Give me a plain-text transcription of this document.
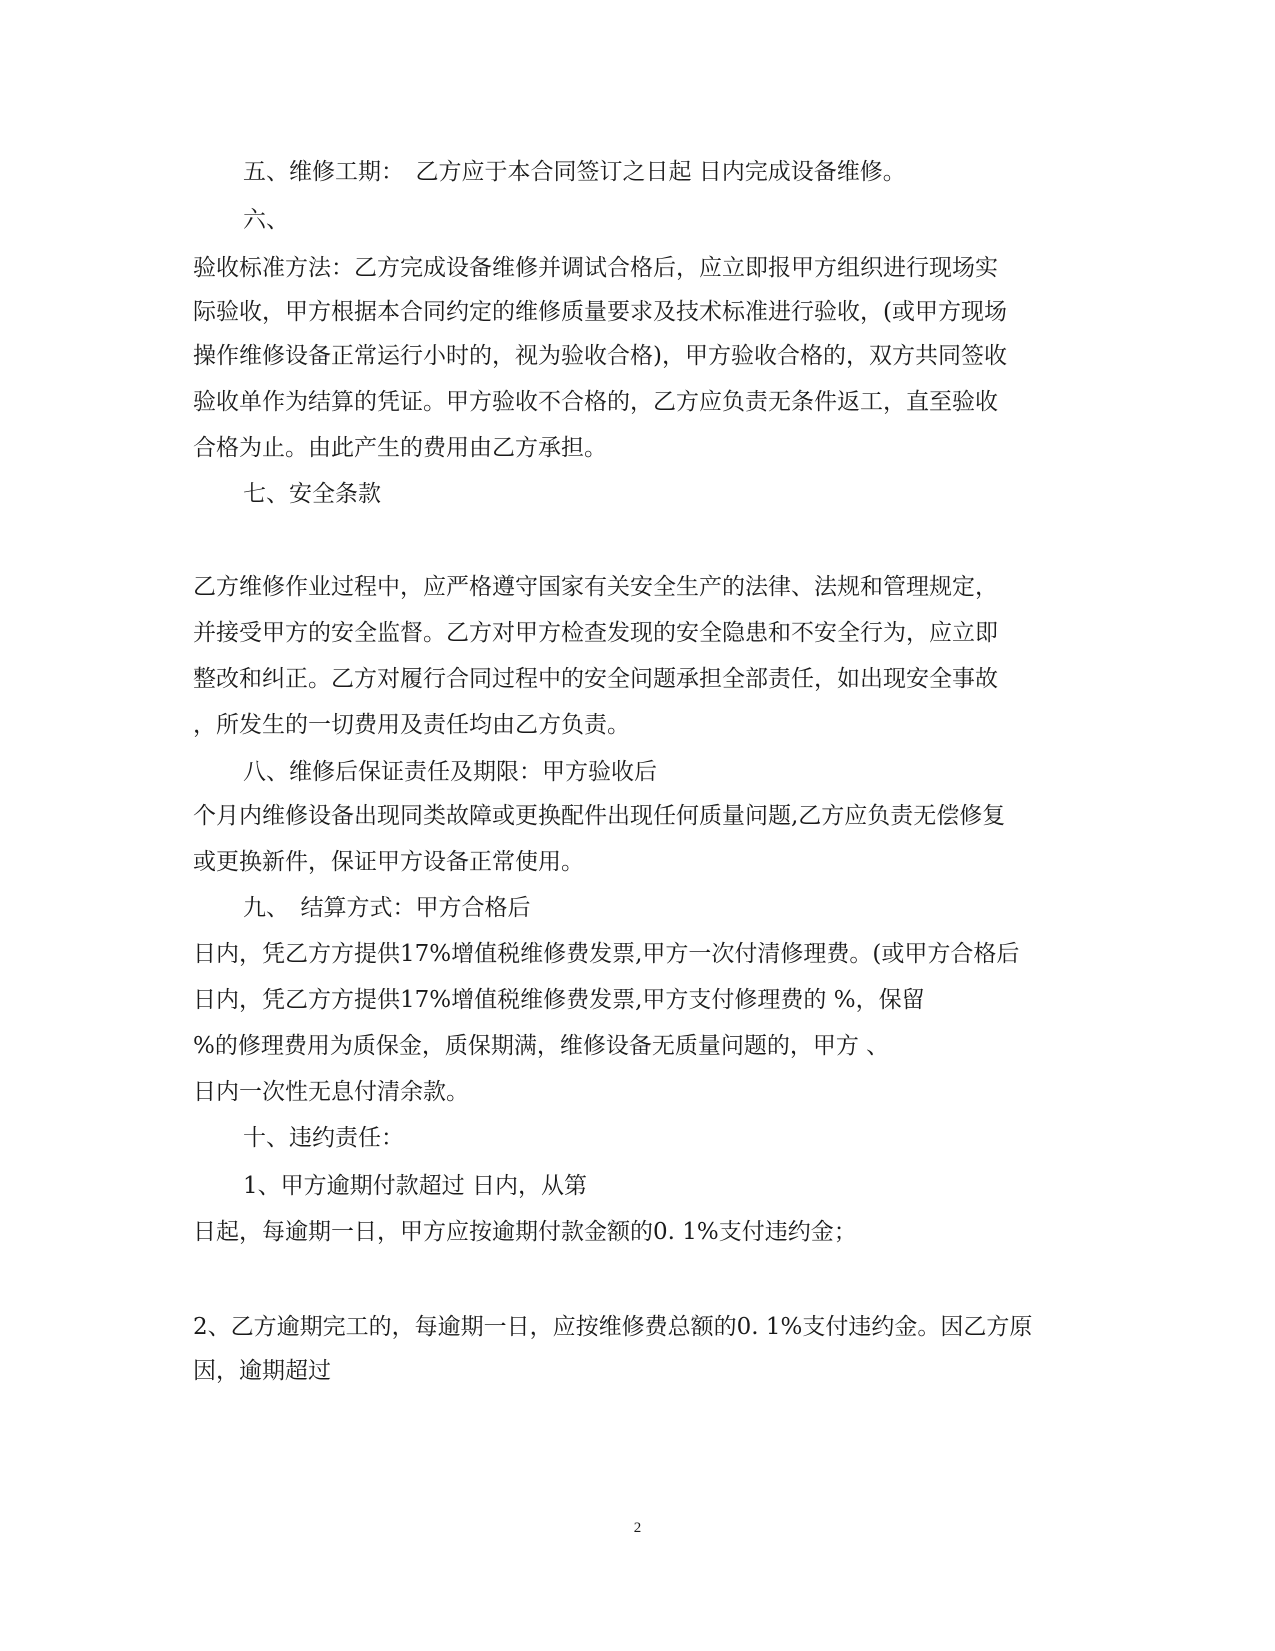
五、维修工期：　乙方应于本合同签订之日起 日内完成设备维修。
六、
验收标准方法：乙方完成设备维修并调试合格后，应立即报甲方组织进行现场实
际验收，甲方根据本合同约定的维修质量要求及技术标准进行验收，(或甲方现场
操作维修设备正常运行小时的，视为验收合格)，甲方验收合格的，双方共同签收
验收单作为结算的凭证。甲方验收不合格的，乙方应负责无条件返工，直至验收
合格为止。由此产生的费用由乙方承担。
七、安全条款
乙方维修作业过程中，应严格遵守国家有关安全生产的法律、法规和管理规定，
并接受甲方的安全监督。乙方对甲方检查发现的安全隐患和不安全行为，应立即
整改和纠正。乙方对履行合同过程中的安全问题承担全部责任，如出现安全事故
，所发生的一切费用及责任均由乙方负责。
八、维修后保证责任及期限：甲方验收后
个月内维修设备出现同类故障或更换配件出现任何质量问题,乙方应负责无偿修复
或更换新件，保证甲方设备正常使用。
九、　结算方式：甲方合格后
日内，凭乙方方提供17%增值税维修费发票,甲方一次付清修理费。(或甲方合格后
日内，凭乙方方提供17%增值税维修费发票,甲方支付修理费的 %，保留
%的修理费用为质保金，质保期满，维修设备无质量问题的，甲方 、
日内一次性无息付清余款。
十、违约责任：
1、甲方逾期付款超过 日内，从第
日起，每逾期一日，甲方应按逾期付款金额的0. 1%支付违约金；
2、乙方逾期完工的，每逾期一日，应按维修费总额的0. 1%支付违约金。因乙方原
因，逾期超过
2
